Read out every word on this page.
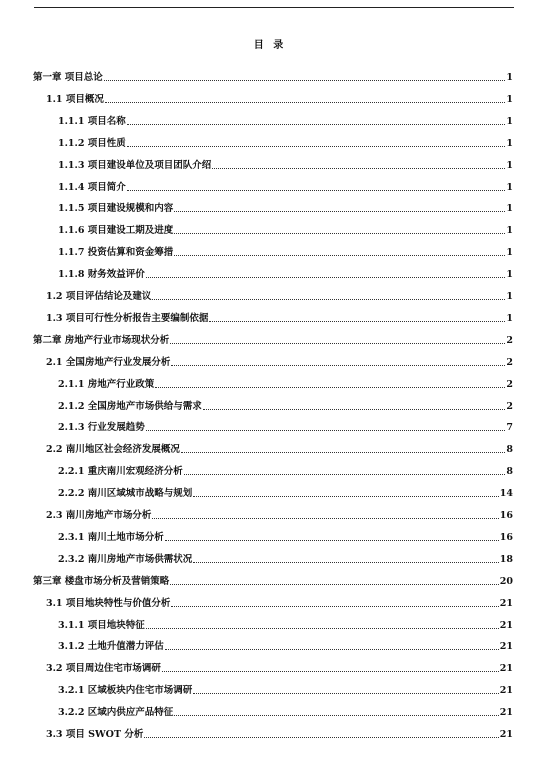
目 录
第一章 项目总论	1
1.1 项目概况	1
1.1.1 项目名称	1
1.1.2 项目性质	1
1.1.3 项目建设单位及项目团队介绍	1
1.1.4 项目简介	1
1.1.5 项目建设规模和内容	1
1.1.6 项目建设工期及进度	1
1.1.7 投资估算和资金筹措	1
1.1.8 财务效益评价	1
1.2 项目评估结论及建议	1
1.3 项目可行性分析报告主要编制依据	1
第二章 房地产行业市场现状分析	2
2.1 全国房地产行业发展分析	2
2.1.1 房地产行业政策	2
2.1.2 全国房地产市场供给与需求	2
2.1.3 行业发展趋势	7
2.2 南川地区社会经济发展概况	8
2.2.1 重庆南川宏观经济分析	8
2.2.2 南川区域城市战略与规划	14
2.3 南川房地产市场分析	16
2.3.1 南川土地市场分析	16
2.3.2 南川房地产市场供需状况	18
第三章 楼盘市场分析及营销策略	20
3.1 项目地块特性与价值分析	21
3.1.1 项目地块特征	21
3.1.2 土地升值潜力评估	21
3.2 项目周边住宅市场调研	21
3.2.1 区域板块内住宅市场调研	21
3.2.2 区域内供应产品特征	21
3.3 项目 SWOT 分析	21
